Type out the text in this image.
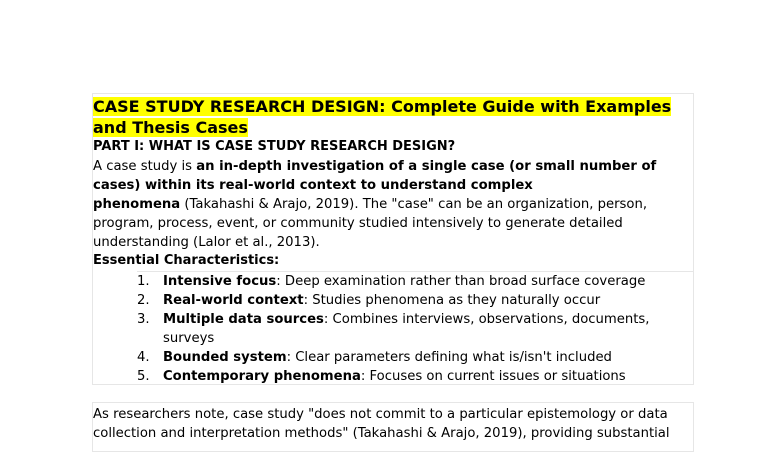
CASE STUDY RESEARCH DESIGN: Complete Guide with Examples
and Thesis Cases
PART I: WHAT IS CASE STUDY RESEARCH DESIGN?
A case study is an in-depth investigation of a single case (or small number of
cases) within its real-world context to understand complex
phenomena (Takahashi & Arajo, 2019). The "case" can be an organization, person,
program, process, event, or community studied intensively to generate detailed
understanding (Lalor et al., 2013).
Essential Characteristics:
1. Intensive focus: Deep examination rather than broad surface coverage
2. Real-world context: Studies phenomena as they naturally occur
3. Multiple data sources: Combines interviews, observations, documents,
surveys
4. Bounded system: Clear parameters defining what is/isn't included
5. Contemporary phenomena: Focuses on current issues or situations
As researchers note, case study "does not commit to a particular epistemology or data
collection and interpretation methods" (Takahashi & Arajo, 2019), providing substantial
